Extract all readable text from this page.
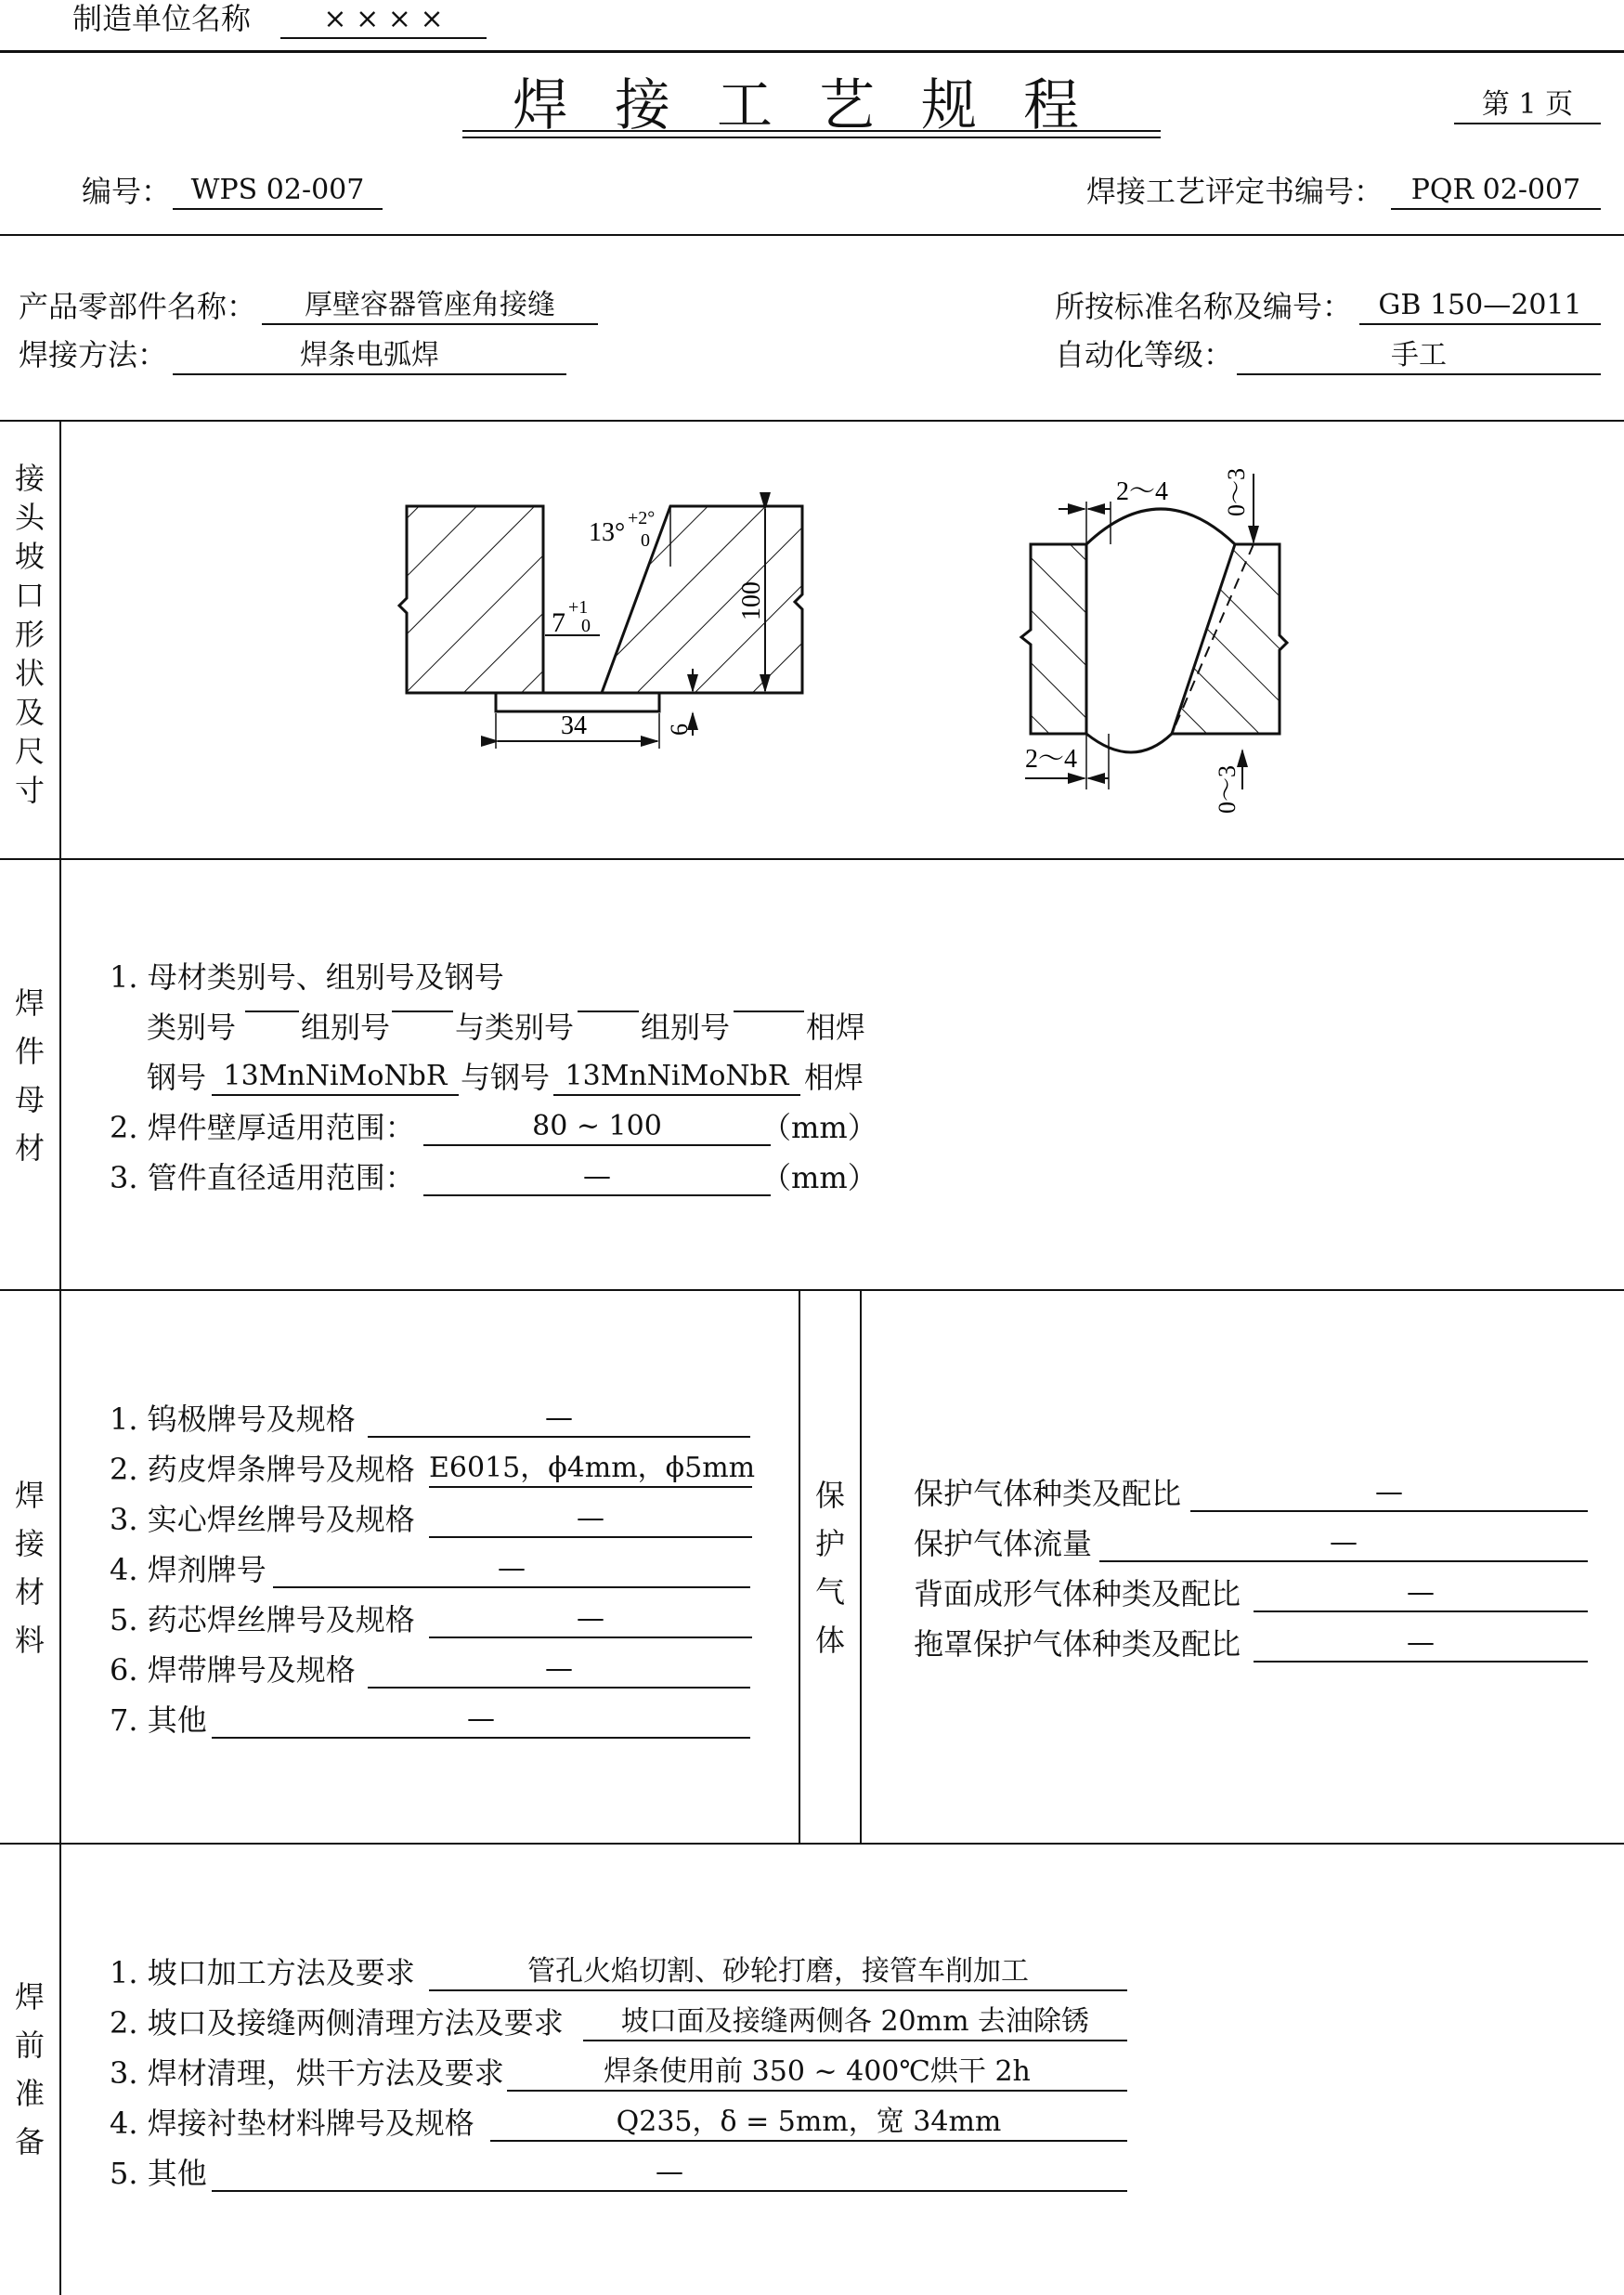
制造单位名称	× × × ×
焊接工艺规程	第 1 页
编号： WPS 02-007	焊接工艺评定书编号： PQR 02-007
产品零部件名称：	厚壁容器管座角接缝	所按标准名称及编号： GB 150—2011
焊接方法：	焊条电弧焊	自动化等级：	手工
接
头
坡
口
形
状
及
尺
寸
100
7 +1
0
13° +2°
0
34	6
2～4 0～3
2～4
0～3
焊
件
母
材
1. 母材类别号、组别号及钢号
类别号 组别号 与类别号 组别号	相焊
钢号 13MnNiMoNbR 与钢号 13MnNiMoNbR 相焊
2. 焊件壁厚适用范围：	80 ~ 100	（mm）
3. 管件直径适用范围：	—	（mm）
焊
接
材
料
1. 钨极牌号及规格	—
2. 药皮焊条牌号及规格 E6015，ϕ4mm，ϕ5mm
3. 实心焊丝牌号及规格	—
4. 焊剂牌号	—
5. 药芯焊丝牌号及规格	—
6. 焊带牌号及规格	—
7. 其他	—
保
护
气
体
保护气体种类及配比	—
保护气体流量	—
背面成形气体种类及配比	—
拖罩保护气体种类及配比	—
焊
前
准
备
1. 坡口加工方法及要求	管孔火焰切割、砂轮打磨，接管车削加工
2. 坡口及接缝两侧清理方法及要求	坡口面及接缝两侧各 20mm 去油除锈
3. 焊材清理，烘干方法及要求	焊条使用前 350 ~ 400℃烘干 2h
4. 焊接衬垫材料牌号及规格	Q235，δ = 5mm，宽 34mm
5. 其他	—
